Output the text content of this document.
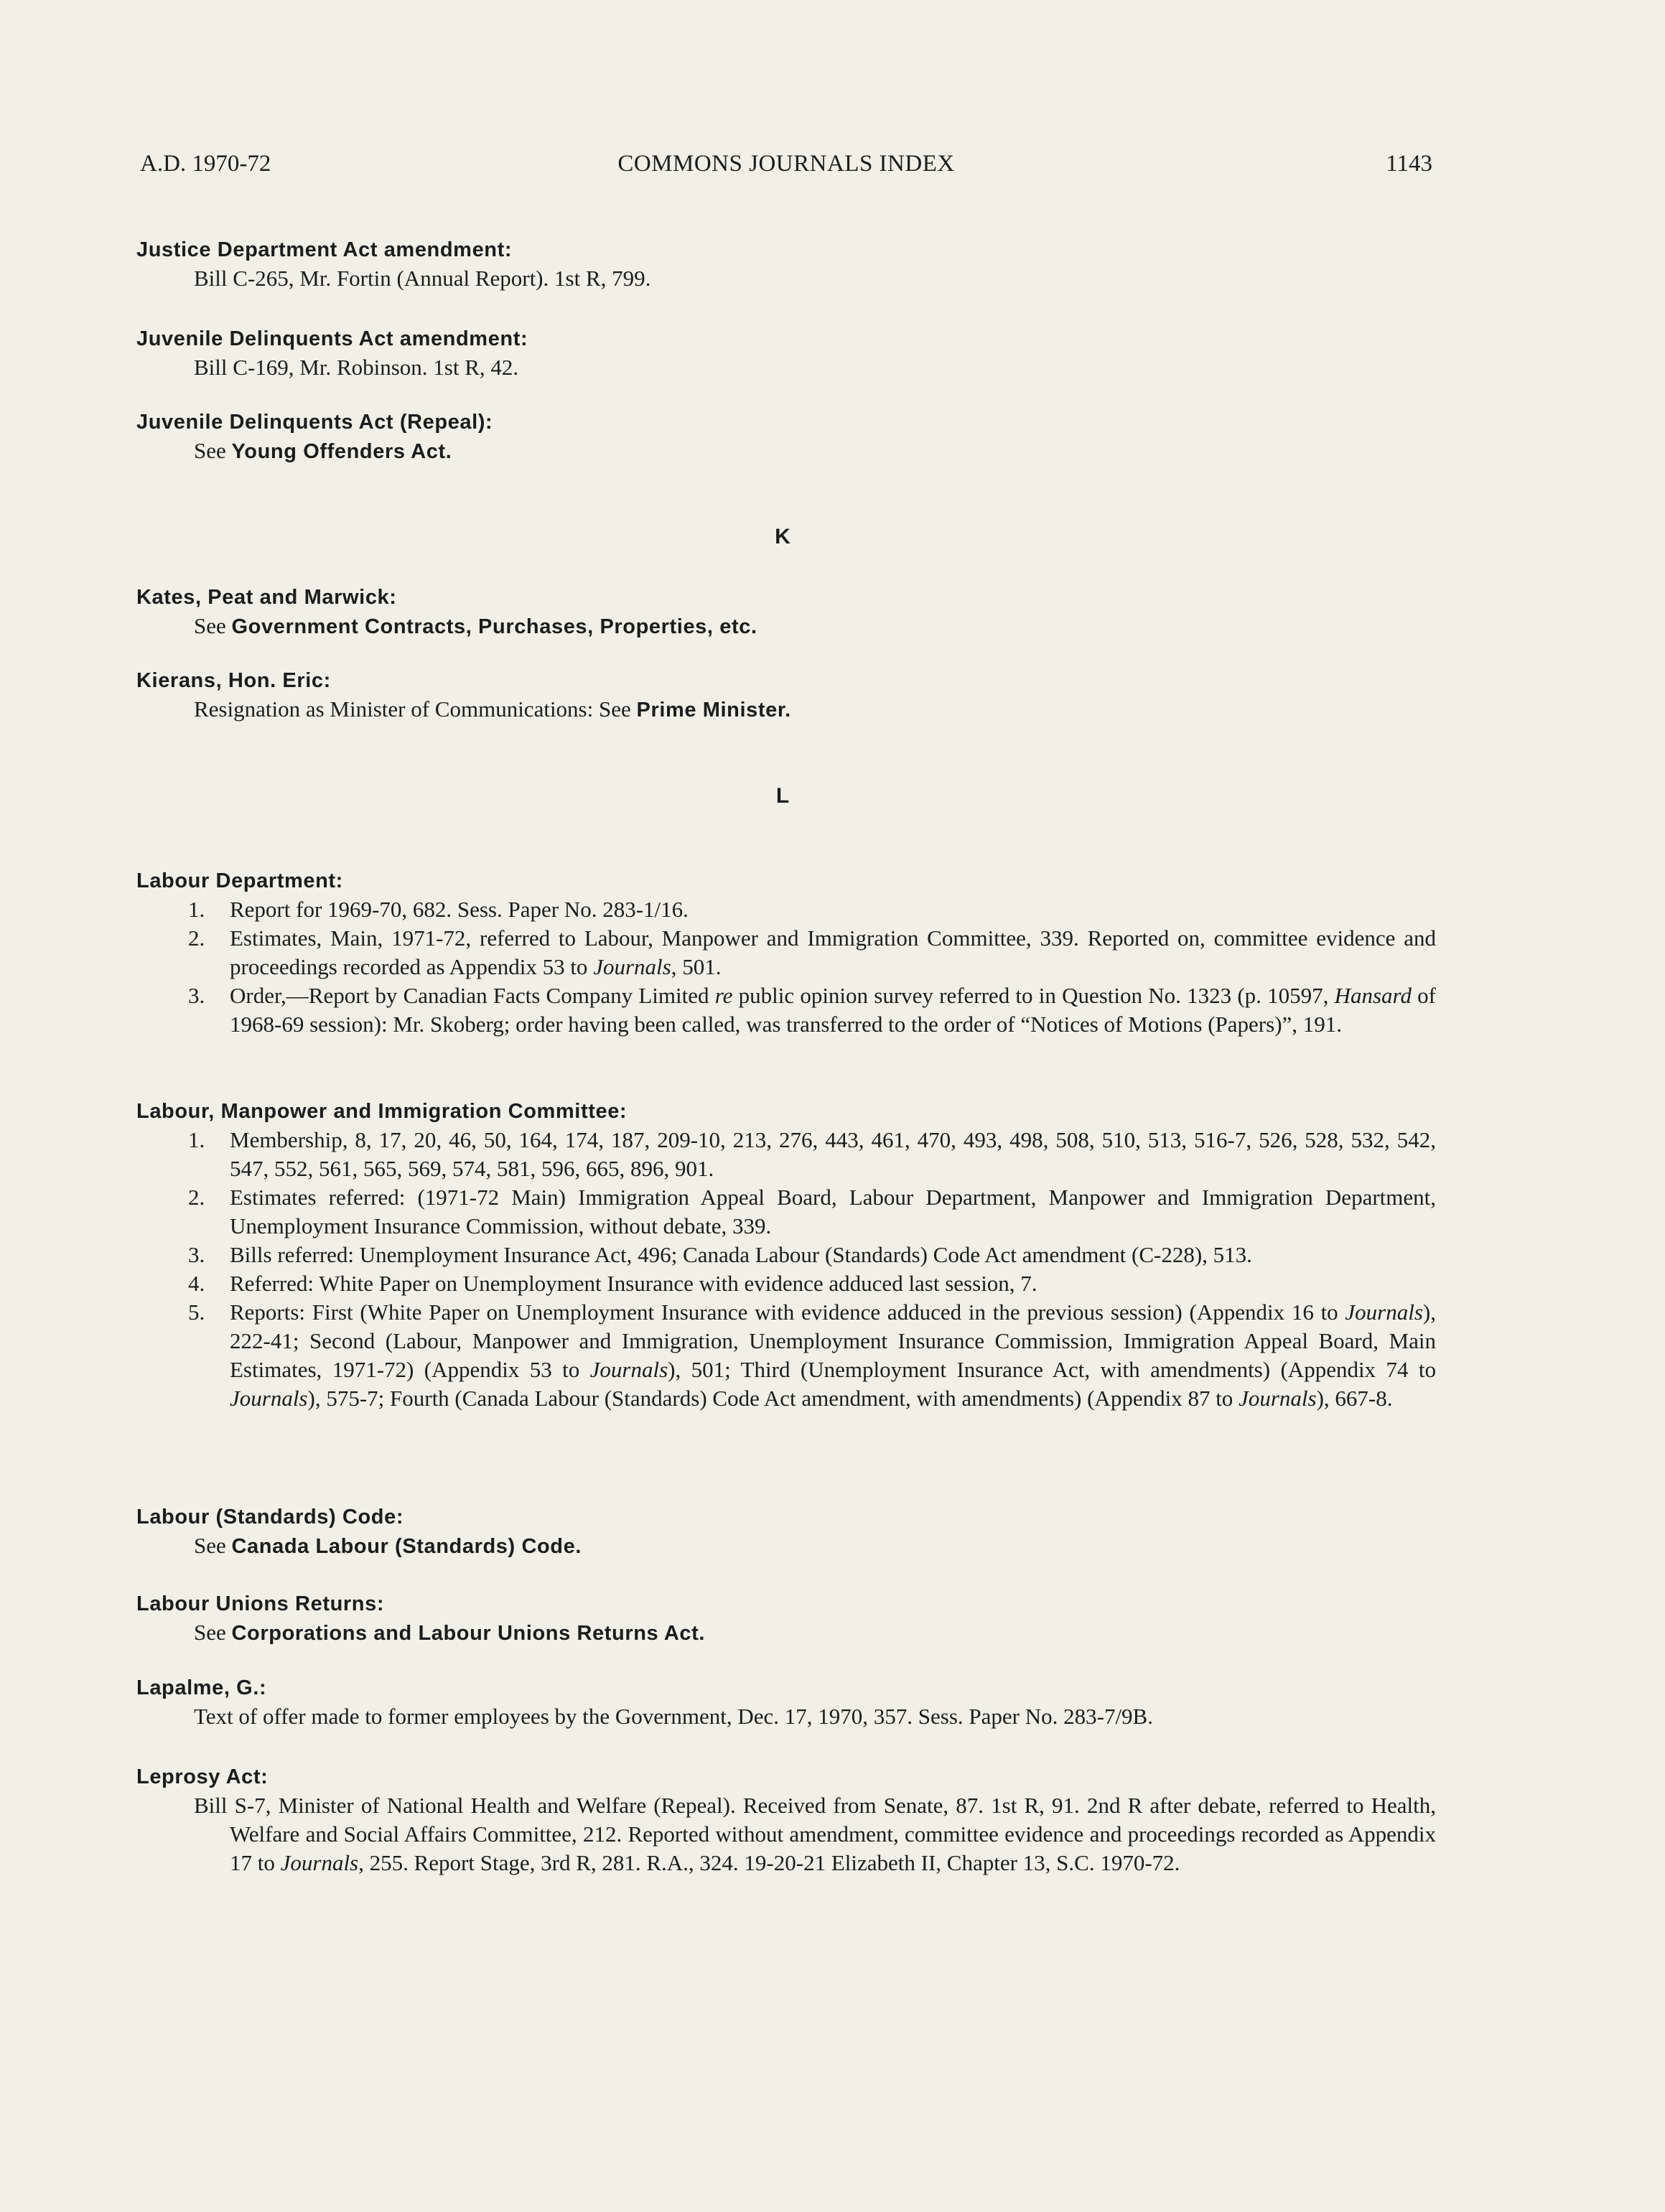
A.D. 1970-72	COMMONS JOURNALS INDEX	1143
Justice Department Act amendment:
Bill C-265, Mr. Fortin (Annual Report). 1st R, 799.
Juvenile Delinquents Act amendment:
Bill C-169, Mr. Robinson. 1st R, 42.
Juvenile Delinquents Act (Repeal):
See Young Offenders Act.
K
Kates, Peat and Marwick:
See Government Contracts, Purchases, Properties, etc.
Kierans, Hon. Eric:
Resignation as Minister of Communications: See Prime Minister.
L
Labour Department:
1. Report for 1969-70, 682. Sess. Paper No. 283-1/16.
2. Estimates, Main, 1971-72, referred to Labour, Manpower and Immigration Committee, 339. Reported on, committee evidence and proceedings recorded as Appendix 53 to Journals, 501.
3. Order,—Report by Canadian Facts Company Limited re public opinion survey referred to in Question No. 1323 (p. 10597, Hansard of 1968-69 session): Mr. Skoberg; order having been called, was transferred to the order of “Notices of Motions (Papers)”, 191.
Labour, Manpower and Immigration Committee:
1. Membership, 8, 17, 20, 46, 50, 164, 174, 187, 209-10, 213, 276, 443, 461, 470, 493, 498, 508, 510, 513, 516-7, 526, 528, 532, 542, 547, 552, 561, 565, 569, 574, 581, 596, 665, 896, 901.
2. Estimates referred: (1971-72 Main) Immigration Appeal Board, Labour Department, Manpower and Immigration Department, Unemployment Insurance Commission, without debate, 339.
3. Bills referred: Unemployment Insurance Act, 496; Canada Labour (Standards) Code Act amendment (C-228), 513.
4. Referred: White Paper on Unemployment Insurance with evidence adduced last session, 7.
5. Reports: First (White Paper on Unemployment Insurance with evidence adduced in the previous session) (Appendix 16 to Journals), 222-41; Second (Labour, Manpower and Immigration, Unemployment Insurance Commission, Immigration Appeal Board, Main Estimates, 1971-72) (Appendix 53 to Journals), 501; Third (Unemployment Insurance Act, with amendments) (Appendix 74 to Journals), 575-7; Fourth (Canada Labour (Standards) Code Act amendment, with amendments) (Appendix 87 to Journals), 667-8.
Labour (Standards) Code:
See Canada Labour (Standards) Code.
Labour Unions Returns:
See Corporations and Labour Unions Returns Act.
Lapalme, G.:
Text of offer made to former employees by the Government, Dec. 17, 1970, 357. Sess. Paper No. 283-7/9B.
Leprosy Act:
Bill S-7, Minister of National Health and Welfare (Repeal). Received from Senate, 87. 1st R, 91. 2nd R after debate, referred to Health, Welfare and Social Affairs Committee, 212. Reported without amendment, committee evidence and proceedings recorded as Appendix 17 to Journals, 255. Report Stage, 3rd R, 281. R.A., 324. 19-20-21 Elizabeth II, Chapter 13, S.C. 1970-72.
